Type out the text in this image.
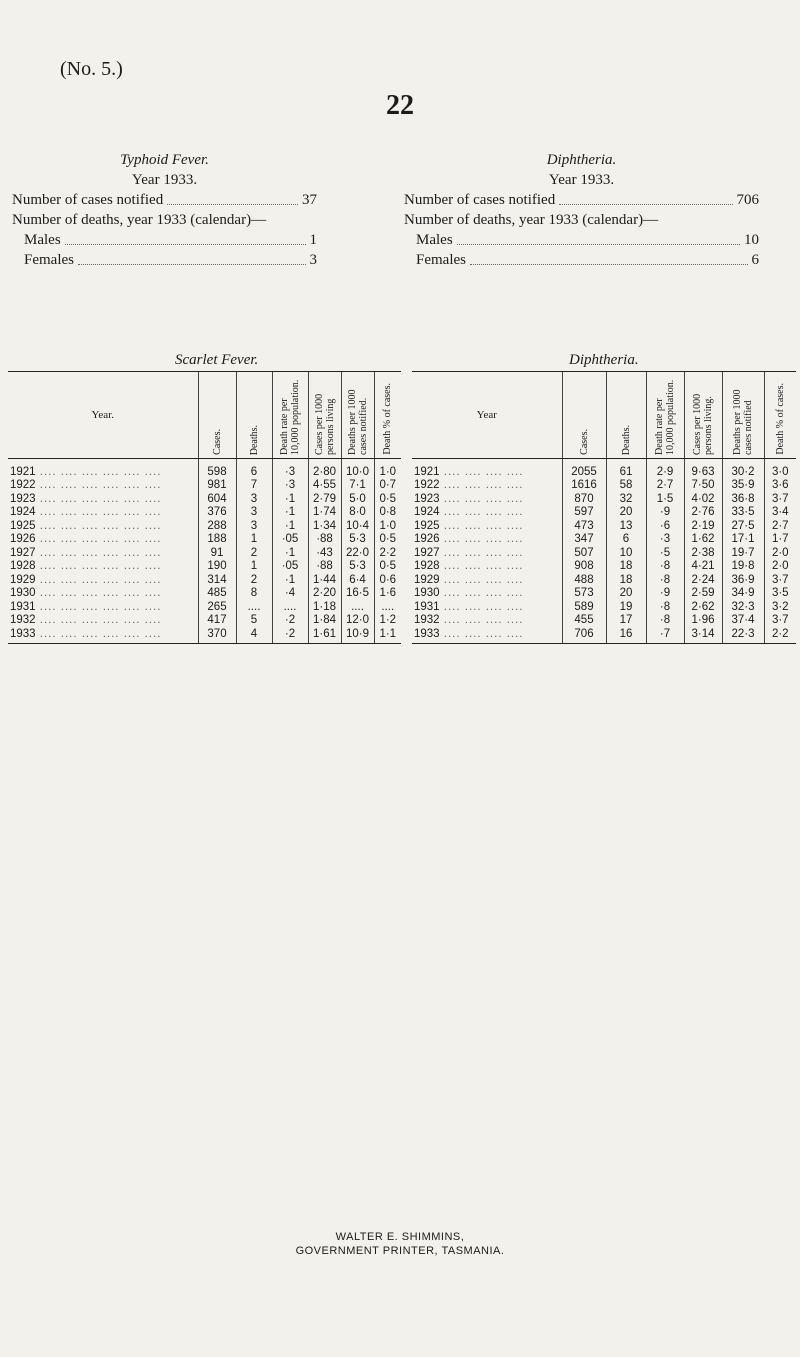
(No. 5.)
22
Typhoid Fever.
Year 1933.
Number of cases notified	37
Number of deaths, year 1933 (calendar)—
Males	1
Females	3
Diphtheria.
Year 1933.
Number of cases notified	706
Number of deaths, year 1933 (calendar)—
Males	10
Females	6
Scarlet Fever.	Diphtheria.
Year.	Cases.	Deaths.	Death rate per 10,000 population.	Cases per 1000 persons living	Deaths per 1000 cases notified.	Death % of cases.
1921 .... .... .... .... .... ....	598	6	·3	2·80	10·0	1·0
1922 .... .... .... .... .... ....	981	7	·3	4·55	7·1	0·7
1923 .... .... .... .... .... ....	604	3	·1	2·79	5·0	0·5
1924 .... .... .... .... .... ....	376	3	·1	1·74	8·0	0·8
1925 .... .... .... .... .... ....	288	3	·1	1·34	10·4	1·0
1926 .... .... .... .... .... ....	188	1	·05	·88	5·3	0·5
1927 .... .... .... .... .... ....	91	2	·1	·43	22·0	2·2
1928 .... .... .... .... .... ....	190	1	·05	·88	5·3	0·5
1929 .... .... .... .... .... ....	314	2	·1	1·44	6·4	0·6
1930 .... .... .... .... .... ....	485	8	·4	2·20	16·5	1·6
1931 .... .... .... .... .... ....	265	....	....	1·18	....	....
1932 .... .... .... .... .... ....	417	5	·2	1·84	12·0	1·2
1933 .... .... .... .... .... ....	370	4	·2	1·61	10·9	1·1
Year	Cases.	Deaths.	Death rate per 10,000 population.	Cases per 1000 persons living.	Deaths per 1000 cases notified	Death % of cases.
1921 .... .... .... ....	2055	61	2·9	9·63	30·2	3·0
1922 .... .... .... ....	1616	58	2·7	7·50	35·9	3·6
1923 .... .... .... ....	870	32	1·5	4·02	36·8	3·7
1924 .... .... .... ....	597	20	·9	2·76	33·5	3·4
1925 .... .... .... ....	473	13	·6	2·19	27·5	2·7
1926 .... .... .... ....	347	6	·3	1·62	17·1	1·7
1927 .... .... .... ....	507	10	·5	2·38	19·7	2·0
1928 .... .... .... ....	908	18	·8	4·21	19·8	2·0
1929 .... .... .... ....	488	18	·8	2·24	36·9	3·7
1930 .... .... .... ....	573	20	·9	2·59	34·9	3·5
1931 .... .... .... ....	589	19	·8	2·62	32·3	3·2
1932 .... .... .... ....	455	17	·8	1·96	37·4	3·7
1933 .... .... .... ....	706	16	·7	3·14	22·3	2·2
WALTER E. SHIMMINS,
GOVERNMENT PRINTER, TASMANIA.
